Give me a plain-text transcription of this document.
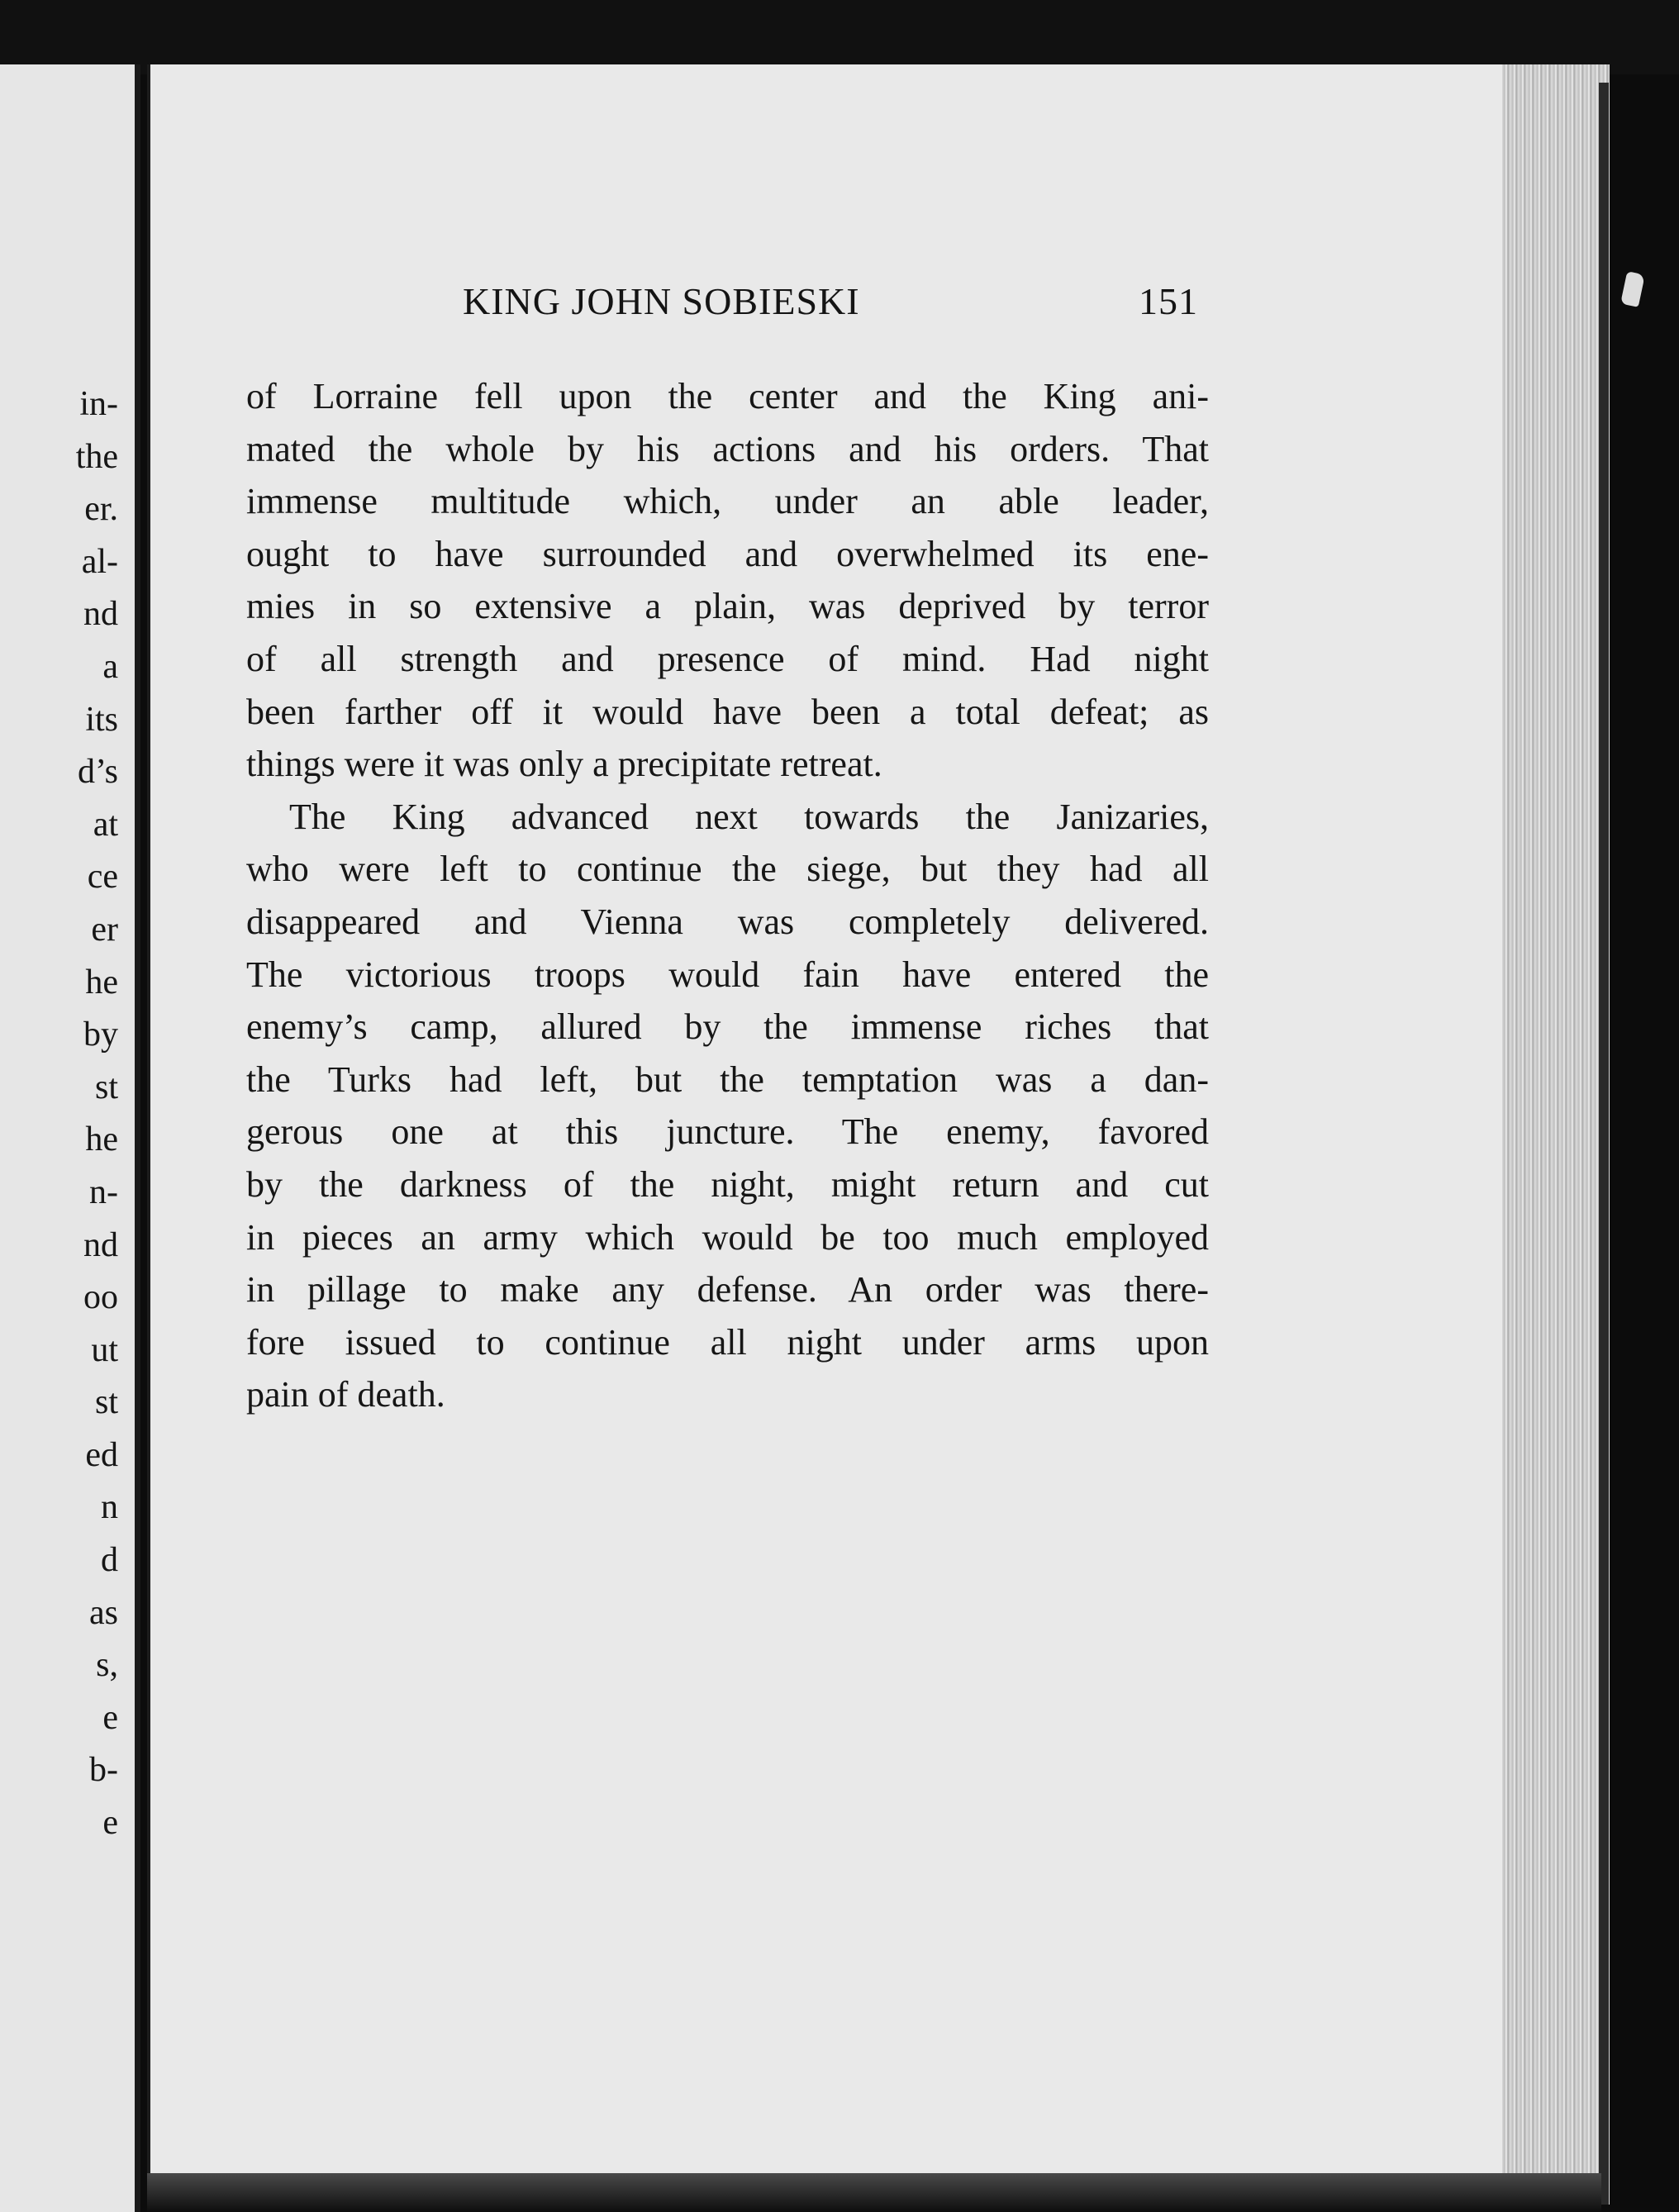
in-
the
er.
al-
nd
a
its
d’s
at
ce
er
he
by
st
he
n-
nd
oo
ut
st
ed
n
d
as
s,
e
b-
e
KING JOHN SOBIESKI	151
of Lorraine fell upon the center and the King ani-
mated the whole by his actions and his orders. That
immense multitude which, under an able leader,
ought to have surrounded and overwhelmed its ene-
mies in so extensive a plain, was deprived by terror
of all strength and presence of mind. Had night
been farther off it would have been a total defeat; as
things were it was only a precipitate retreat.
The King advanced next towards the Janizaries,
who were left to continue the siege, but they had all
disappeared and Vienna was completely delivered.
The victorious troops would fain have entered the
enemy’s camp, allured by the immense riches that
the Turks had left, but the temptation was a dan-
gerous one at this juncture. The enemy, favored
by the darkness of the night, might return and cut
in pieces an army which would be too much employed
in pillage to make any defense. An order was there-
fore issued to continue all night under arms upon
pain of death.
